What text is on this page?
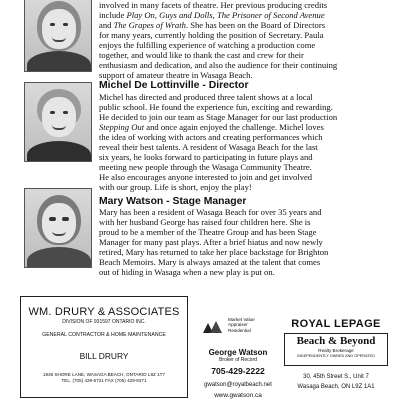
involved in many facets of theatre. Her previous producing credits
include Play On, Guys and Dolls, The Prisoner of Second Avenue
and The Grapes of Wrath. She has been on the Board of Directors
for many years, currently holding the position of Secretary. Paula
enjoys the fulfilling experience of watching a production come
together, and would like to thank the cast and crew for their
enthusiasm and dedication, and also the audience for their continuing
support of amateur theatre in Wasaga Beach.
Michel De Lottinville - Director
Michel has directed and produced three talent shows at a local
public school. He found the experience fun, exciting and rewarding.
He decided to join our team as Stage Manager for our last production
Stepping Out and once again enjoyed the challenge. Michel loves
the idea of working with actors and creating performances which
reveal their best talents. A resident of Wasaga Beach for the last
six years, he looks forward to participating in future plays and
meeting new people through the Wasaga Community Theatre.
He also encourages anyone interested to join and get involved
with our group. Life is short, enjoy the play!
Mary Watson - Stage Manager
Mary has been a resident of Wasaga Beach for over 35 years and
with her husband George has raised four children here. She is
proud to be a member of the Theatre Group and has been Stage
Manager for many past plays. After a brief hiatus and now newly
retired, Mary has returned to take her place backstage for Brighton
Beach Memoirs. Mary is always amazed at the talent that comes
out of hiding in Wasaga when a new play is put on.
WM. DRURY & ASSOCIATES
DIVISION OF 931597 ONTARIO INC.
GENERAL CONTRACTOR & HOME MAINTENANCE
BILL DRURY
1946 SHORE LANE, WASAGA BEACH, ONTARIO L9Z 1T7
TEL. (705) 429-5721 FAX (705) 429-8371
Market Value
Appraiser
Residential
George Watson
Broker of Record
705-429-2222
gwatson@royalbeach.net
www.gwatson.ca
ROYAL LEPAGE
Beach & Beyond
Realty Brokerage
INDEPENDENTLY OWNED AND OPERATED
30, 45th Street S., Unit 7
Wasaga Beach, ON L9Z 1A1
